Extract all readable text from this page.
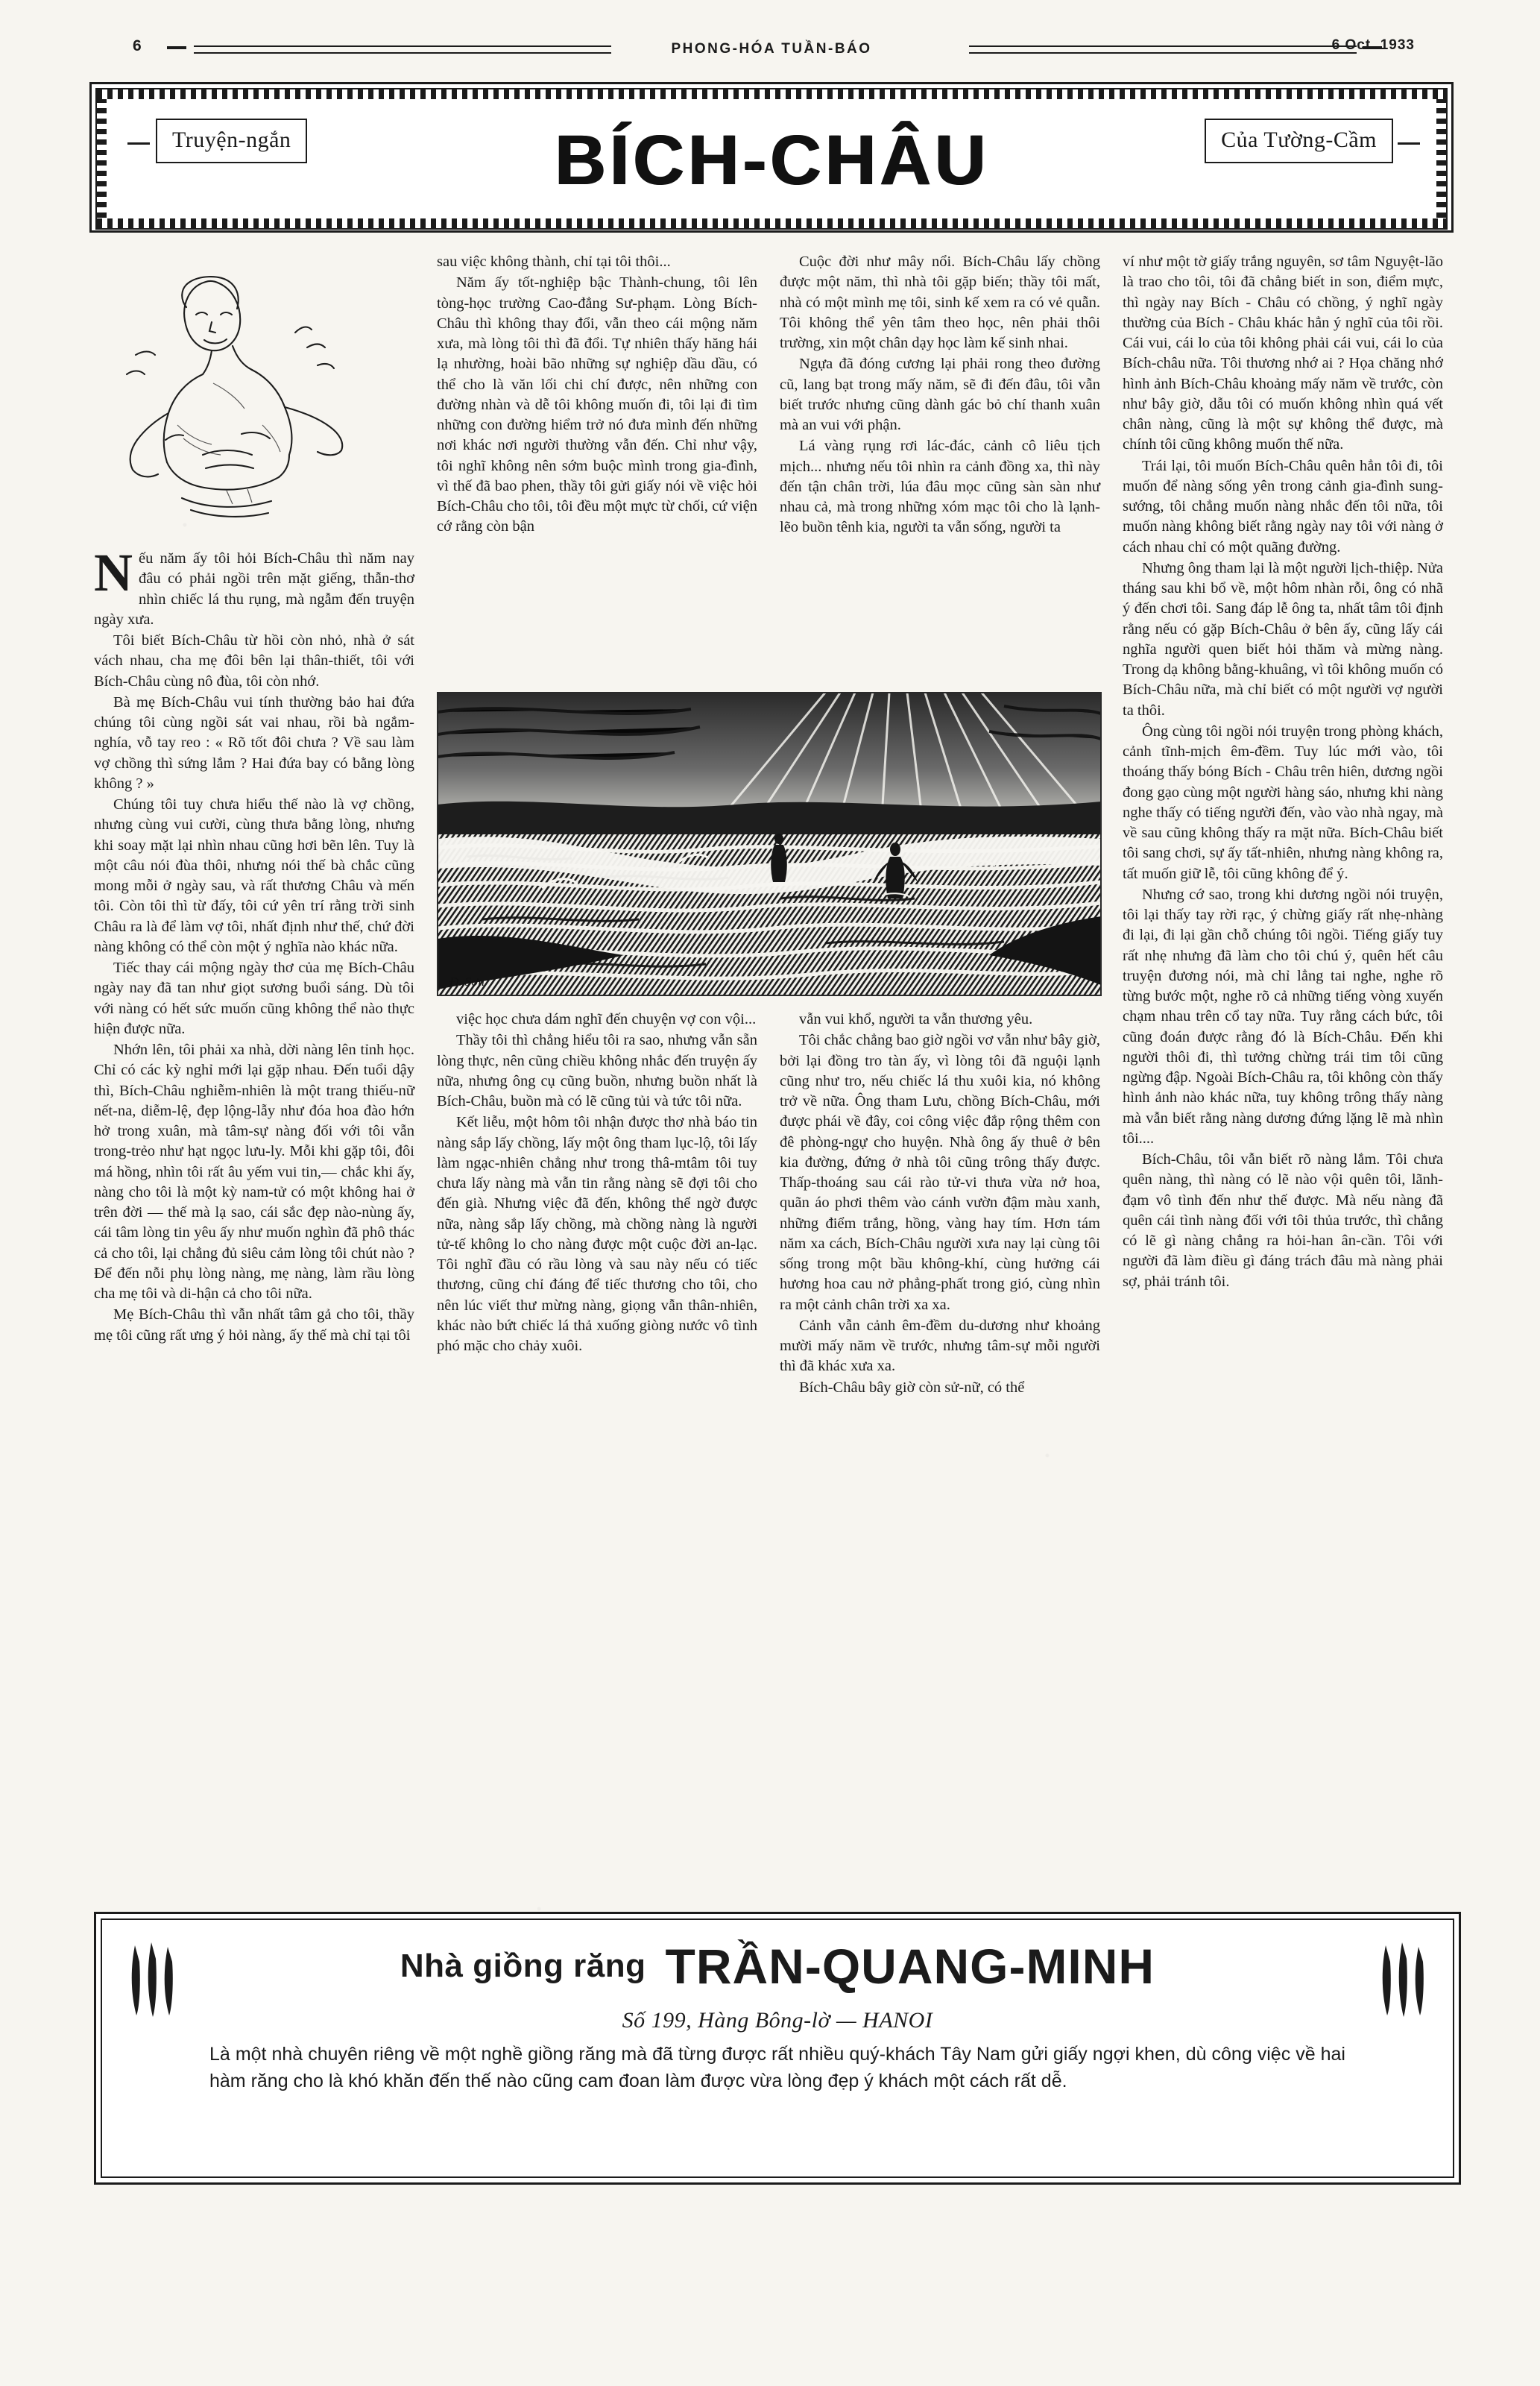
6	PHONG-HÓA TUẦN-BÁO	6 Oct. 1933
BÍCH-CHÂU
Truyện-ngắn	Của Tường-Cầm
N ếu năm ấy tôi hỏi Bích-Châu thì năm nay đâu có phải ngồi trên mặt giếng, thẫn-thơ nhìn chiếc lá thu rụng, mà ngẫm đến truyện ngày xưa.

Tôi biết Bích-Châu từ hồi còn nhỏ, nhà ở sát vách nhau, cha mẹ đôi bên lại thân-thiết, tôi với Bích-Châu cùng nô đùa, tôi còn nhớ.

Bà mẹ Bích-Châu vui tính thường bảo hai đứa chúng tôi cùng ngồi sát vai nhau, rồi bà ngắm-nghía, vỗ tay reo : « Rõ tốt đôi chưa ? Về sau làm vợ chồng thì sứng lắm ? Hai đứa bay có bằng lòng không ? »

Chúng tôi tuy chưa hiểu thế nào là vợ chồng, nhưng cùng vui cười, cùng thưa bằng lòng, nhưng khi soay mặt lại nhìn nhau cũng hơi bẽn lên. Tuy là một câu nói đùa thôi, nhưng nói thế bà chắc cũng mong mỗi ở ngày sau, và rất thương Châu và mến tôi. Còn tôi thì từ đấy, tôi cứ yên trí rằng trời sinh Châu ra là để làm vợ tôi, nhất định như thế, chứ đời nàng không có thể còn một ý nghĩa nào khác nữa.

Tiếc thay cái mộng ngày thơ của mẹ Bích-Châu ngày nay đã tan như giọt sương buổi sáng. Dù tôi với nàng có hết sức muốn cũng không thể nào thực hiện được nữa.

Nhớn lên, tôi phải xa nhà, dời nàng lên tỉnh học. Chỉ có các kỳ nghỉ mới lại gặp nhau. Đến tuổi dậy thì, Bích-Châu nghiễm-nhiên là một trang thiếu-nữ nết-na, diễm-lệ, đẹp lộng-lẫy như đóa hoa đào hớn hở trong xuân, mà tâm-sự nàng đối với tôi vẫn trong-trẻo như hạt ngọc lưu-ly. Mỗi khi gặp tôi, đôi má hồng, nhìn tôi rất âu yếm vui tin,— chắc khi ấy, nàng cho tôi là một kỳ nam-tử có một không hai ở trên đời — thế mà lạ sao, cái sắc đẹp nào-nùng ấy, cái tâm lòng tin yêu ấy như muốn nghìn đã phô thác cả cho tôi, lại chẳng đủ siêu cảm lòng tôi chút nào ? Để đến nỗi phụ lòng nàng, mẹ nàng, làm rầu lòng cha mẹ tôi và di-hận cả cho tôi nữa.

Mẹ Bích-Châu thì vẫn nhất tâm gả cho tôi, thầy mẹ tôi cũng rất ưng ý hỏi nàng, ấy thế mà chỉ tại tôi

sau việc không thành, chỉ tại tôi thôi...

Năm ấy tốt-nghiệp bậc Thành-chung, tôi lên tòng-học trường Cao-đẳng Sư-phạm. Lòng Bích-Châu thì không thay đổi, vẫn theo cái mộng năm xưa, mà lòng tôi thì đã đổi. Tự nhiên thấy hăng hái lạ nhường, hoài bão những sự nghiệp dầu dầu, có thể cho là văn lối chi chí được, nên những con đường nhàn và dễ tôi không muốn đi, tôi lại đi tìm những con đường hiểm trở nó đưa mình đến những nơi khác nơi người thường vẫn đến. Chỉ như vậy, tôi nghĩ không nên sớm buộc mình trong gia-đình, vì thế đã bao phen, thầy tôi gửi giấy nói về việc hỏi Bích-Châu cho tôi, tôi đều một mực từ chối, cứ viện cớ rằng còn bận

Cuộc đời như mây nổi. Bích-Châu lấy chồng được một năm, thì nhà tôi gặp biến; thầy tôi mất, nhà có một mình mẹ tôi, sinh kế xem ra có vẻ quẫn. Tôi không thể yên tâm theo học, nên phải thôi trường, xin một chân dạy học làm kế sinh nhai.

Ngựa đã đóng cương lại phải rong theo đường cũ, lang bạt trong mấy năm, sẽ đi đến đâu, tôi vẫn biết trước nhưng cũng dành gác bỏ chí thanh xuân mà an vui với phận.

Lá vàng rụng rơi lác-đác, cảnh cô liêu tịch mịch... nhưng nếu tôi nhìn ra cảnh đồng xa, thì này đến tận chân trời, lúa đâu mọc cũng sàn sàn như nhau cả, mà trong những xóm mạc tôi cho là lạnh-lẽo buồn tênh kia, người ta vẫn sống, người ta

ví như một tờ giấy trắng nguyên, sơ tâm Nguyệt-lão là trao cho tôi, tôi đã chẳng biết in son, điểm mực, thì ngày nay Bích - Châu có chồng, ý nghĩ ngày thường của Bích - Châu khác hẳn ý nghĩ của tôi rồi. Cái vui, cái lo của tôi không phải cái vui, cái lo của Bích-châu nữa. Tôi thương nhớ ai ? Họa chăng nhớ hình ảnh Bích-Châu khoảng mấy năm về trước, còn như bây giờ, dẫu tôi có muốn không nhìn quá vết chân nàng, cũng là một sự không thể được, mà chính tôi cũng không muốn thế nữa.

Trái lại, tôi muốn Bích-Châu quên hẳn tôi đi, tôi muốn để nàng sống yên trong cảnh gia-đình sung-sướng, tôi chẳng muốn nàng nhắc đến tôi nữa, tôi muốn nàng không biết rằng ngày nay tôi với nàng ở cách nhau chỉ có một quãng đường.

Nhưng ông tham lại là một người lịch-thiệp. Nửa tháng sau khi bổ về, một hôm nhàn rỗi, ông có nhã ý đến chơi tôi. Sang đáp lễ ông ta, nhất tâm tôi định rằng nếu có gặp Bích-Châu ở bên ấy, cũng lấy cái nghĩa người quen biết hỏi thăm và mừng nàng. Trong dạ không bằng-khuâng, vì tôi không muốn có Bích-Châu nữa, mà chỉ biết có một người vợ người ta thôi.

Ông cùng tôi ngồi nói truyện trong phòng khách, cảnh tĩnh-mịch êm-đềm. Tuy lúc mới vào, tôi thoáng thấy bóng Bích - Châu trên hiên, dương ngồi đong gạo cùng một người hàng sáo, nhưng khi nàng nghe thấy có tiếng người đến, vào vào nhà ngay, mà về sau cũng không thấy ra mặt nữa. Bích-Châu biết tôi sang chơi, sự ấy tất-nhiên, nhưng nàng không ra, tất muốn giữ lễ, tôi cũng không để ý.

Nhưng cớ sao, trong khi dương ngồi nói truyện, tôi lại thấy tay rời rạc, ý chừng giấy rất nhẹ-nhàng đi lại, đi lại gần chỗ chúng tôi ngồi. Tiếng giấy tuy rất nhẹ nhưng đã làm cho tôi chú ý, quên hết câu truyện đương nói, mà chỉ lẳng tai nghe, nghe rõ từng bước một, nghe rõ cả những tiếng vòng xuyến chạm nhau trên cổ tay nữa. Tuy rằng cách bức, tôi cũng đoán được rằng đó là Bích-Châu. Đến khi người thôi đi, thì tưởng chừng trái tim tôi cũng ngừng đập. Ngoài Bích-Châu ra, tôi không còn thấy hình ảnh nào khác nữa, tuy không trông thấy nàng mà vẫn biết rằng nàng dương đứng lặng lẽ mà nhìn tôi....

Bích-Châu, tôi vẫn biết rõ nàng lắm. Tôi chưa quên nàng, thì nàng có lẽ nào vội quên tôi, lãnh-đạm vô tình đến như thế được. Mà nếu nàng đã quên cái tình nàng đối với tôi thủa trước, thì chẳng có lẽ gì nàng chẳng ra hỏi-han ân-cần. Tôi với người đã làm điều gì đáng trách đâu mà nàng phải sợ, phải tránh tôi.

Đ. Sơn

việc học chưa dám nghĩ đến chuyện vợ con vội...

Thầy tôi thì chẳng hiểu tôi ra sao, nhưng vẫn sẵn lòng thực, nên cũng chiều không nhắc đến truyện ấy nữa, nhưng ông cụ cũng buồn, nhưng buồn nhất là Bích-Châu, buồn mà có lẽ cũng tủi và tức tôi nữa.

Kết liễu, một hôm tôi nhận được thơ nhà báo tin nàng sắp lấy chồng, lấy một ông tham lục-lộ, tôi lấy làm ngạc-nhiên chẳng như trong thâ-mtâm tôi tuy chưa lấy nàng mà vẫn tin rằng nàng sẽ đợi tôi cho đến già. Nhưng việc đã đến, không thể ngờ được nữa, nàng sắp lấy chồng, mà chồng nàng là người tử-tế không lo cho nàng được một cuộc đời an-lạc. Tôi nghĩ đầu có rầu lòng và sau này nếu có tiếc thương, cũng chỉ đáng để tiếc thương cho tôi, cho nên lúc viết thư mừng nàng, giọng vẫn thân-nhiên, khác nào bứt chiếc lá thả xuống giòng nước vô tình phó mặc cho chảy xuôi.

vẫn vui khổ, người ta vẫn thương yêu.

Tôi chắc chẳng bao giờ ngồi vơ vẫn như bây giờ, bởi lại đồng tro tàn ấy, vì lòng tôi đã nguội lạnh cũng như tro, nếu chiếc lá thu xuôi kia, nó không trở về nữa. Ông tham Lưu, chồng Bích-Châu, mới được phái về đây, coi công việc đắp rộng thêm con đê phòng-ngự cho huyện. Nhà ông ấy thuê ở bên kia đường, đứng ở nhà tôi cũng trông thấy được. Thấp-thoáng sau cái rào tử-vi thưa vừa nở hoa, quãn áo phơi thêm vào cánh vườn đậm màu xanh, những điểm trắng, hồng, vàng hay tím. Hơn tám năm xa cách, Bích-Châu người xưa nay lại cùng tôi sống trong một bầu không-khí, cùng hưởng cái hương hoa cau nở phẳng-phất trong gió, cùng nhìn ra một cảnh chân trời xa xa.

Cảnh vẫn cảnh êm-đềm du-dương như khoảng mười mấy năm về trước, nhưng tâm-sự mỗi người thì đã khác xưa xa.

Bích-Châu bây giờ còn sử-nữ, có thể

Nhà giồng răng TRẦN-QUANG-MINH
Số 199, Hàng Bông-lờ — HANOI
Là một nhà chuyên riêng về một nghề giồng răng mà đã từng được rất nhiều quý-khách Tây Nam gửi giấy ngợi khen, dù công việc về hai hàm răng cho là khó khăn đến thế nào cũng cam đoan làm được vừa lòng đẹp ý khách một cách rất dễ.
